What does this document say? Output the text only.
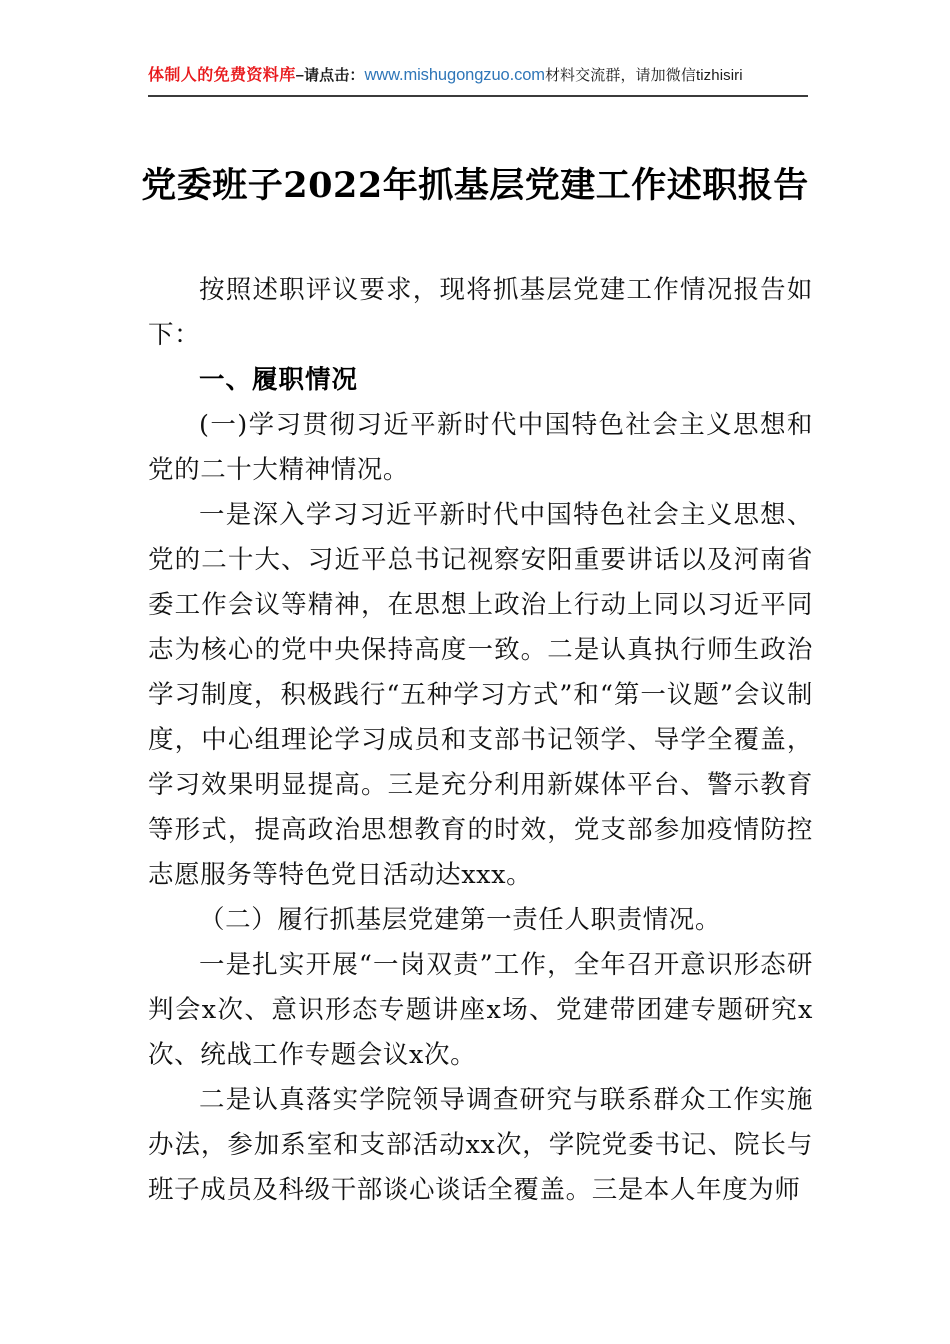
体制人的免费资料库–请点击：www.mishugongzuo.com材料交流群，请加微信tizhisiri
党委班子2022年抓基层党建工作述职报告

按照述职评议要求，现将抓基层党建工作情况报告如下：

一、履职情况

(一)学习贯彻习近平新时代中国特色社会主义思想和党的二十大精神情况。

一是深入学习习近平新时代中国特色社会主义思想、党的二十大、习近平总书记视察安阳重要讲话以及河南省委工作会议等精神，在思想上政治上行动上同以习近平同志为核心的党中央保持高度一致。二是认真执行师生政治学习制度，积极践行“五种学习方式”和“第一议题”会议制度，中心组理论学习成员和支部书记领学、导学全覆盖，学习效果明显提高。三是充分利用新媒体平台、警示教育等形式，提高政治思想教育的时效，党支部参加疫情防控志愿服务等特色党日活动达xxx。

（二）履行抓基层党建第一责任人职责情况。

一是扎实开展“一岗双责”工作，全年召开意识形态研判会x次、意识形态专题讲座x场、党建带团建专题研究x次、统战工作专题会议x次。

二是认真落实学院领导调查研究与联系群众工作实施办法，参加系室和支部活动xx次，学院党委书记、院长与班子成员及科级干部谈心谈话全覆盖。三是本人年度为师
